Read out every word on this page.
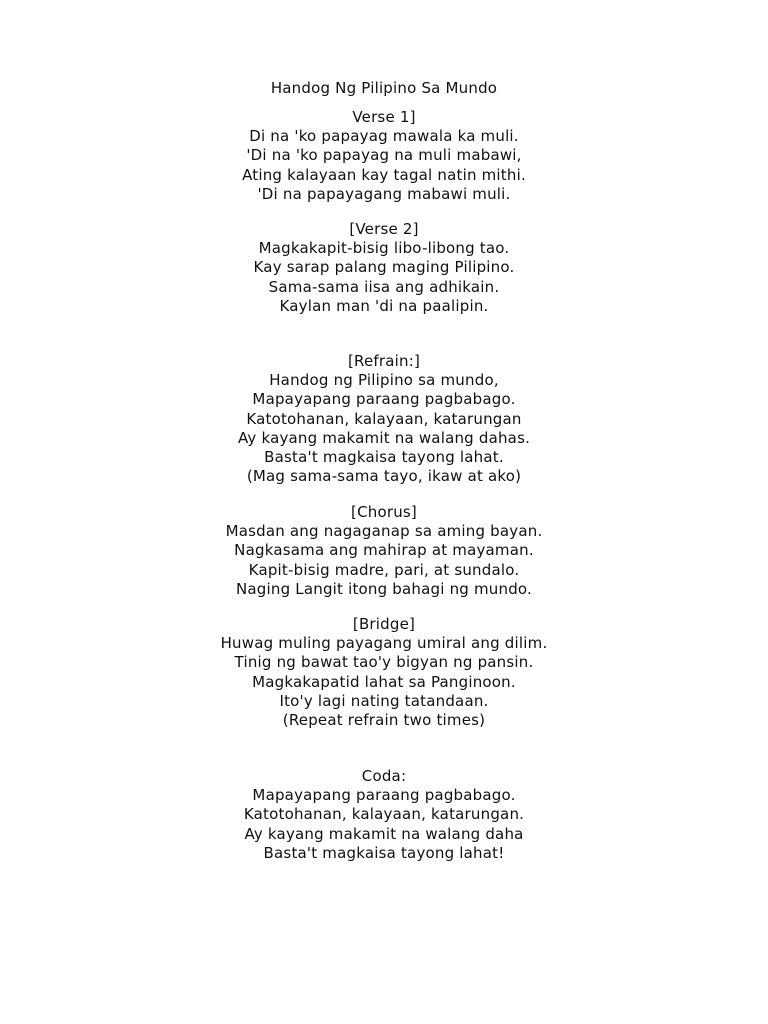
Handog Ng Pilipino Sa Mundo
Verse 1]
Di na 'ko papayag mawala ka muli.
'Di na 'ko papayag na muli mabawi,
Ating kalayaan kay tagal natin mithi.
'Di na papayagang mabawi muli.
[Verse 2]
Magkakapit-bisig libo-libong tao.
Kay sarap palang maging Pilipino.
Sama-sama iisa ang adhikain.
Kaylan man 'di na paalipin.
[Refrain:]
Handog ng Pilipino sa mundo,
Mapayapang paraang pagbabago.
Katotohanan, kalayaan, katarungan
Ay kayang makamit na walang dahas.
Basta't magkaisa tayong lahat.
(Mag sama-sama tayo, ikaw at ako)
[Chorus]
Masdan ang nagaganap sa aming bayan.
Nagkasama ang mahirap at mayaman.
Kapit-bisig madre, pari, at sundalo.
Naging Langit itong bahagi ng mundo.
[Bridge]
Huwag muling payagang umiral ang dilim.
Tinig ng bawat tao'y bigyan ng pansin.
Magkakapatid lahat sa Panginoon.
Ito'y lagi nating tatandaan.
(Repeat refrain two times)
Coda:
Mapayapang paraang pagbabago.
Katotohanan, kalayaan, katarungan.
Ay kayang makamit na walang daha
Basta't magkaisa tayong lahat!
